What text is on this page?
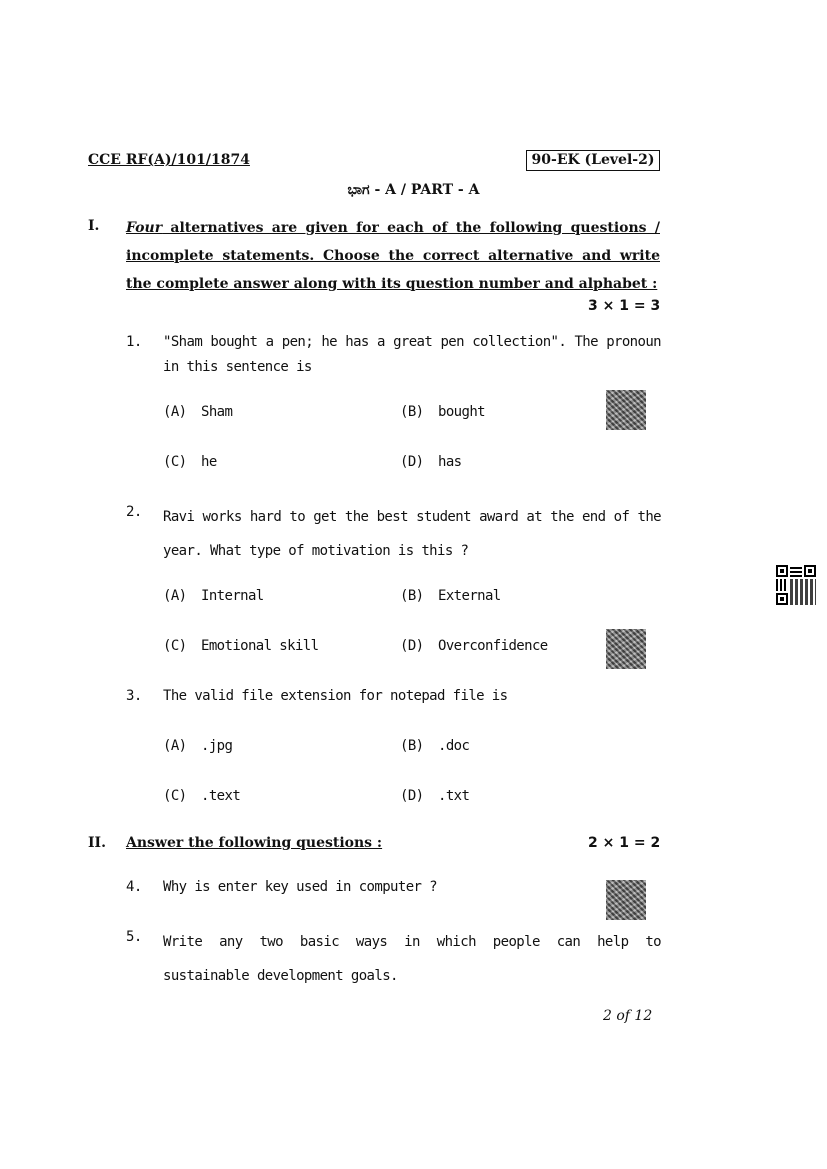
CCE RF(A)/101/1874	90-EK (Level-2)
ಭಾಗ - A / PART - A
I. Four alternatives are given for each of the following questions / incomplete statements. Choose the correct alternative and write the complete answer along with its question number and alphabet :
3 × 1 = 3
1. "Sham bought a pen; he has a great pen collection". The pronoun in this sentence is
(A) Sham	(B) bought
(C) he	(D) has
2. Ravi works hard to get the best student award at the end of the year. What type of motivation is this ?
(A) Internal	(B) External
(C) Emotional skill	(D) Overconfidence
3. The valid file extension for notepad file is
(A) .jpg	(B) .doc
(C) .text	(D) .txt
II. Answer the following questions :	2 × 1 = 2
4. Why is enter key used in computer ?
5. Write any two basic ways in which people can help to sustainable development goals.
2 of 12
